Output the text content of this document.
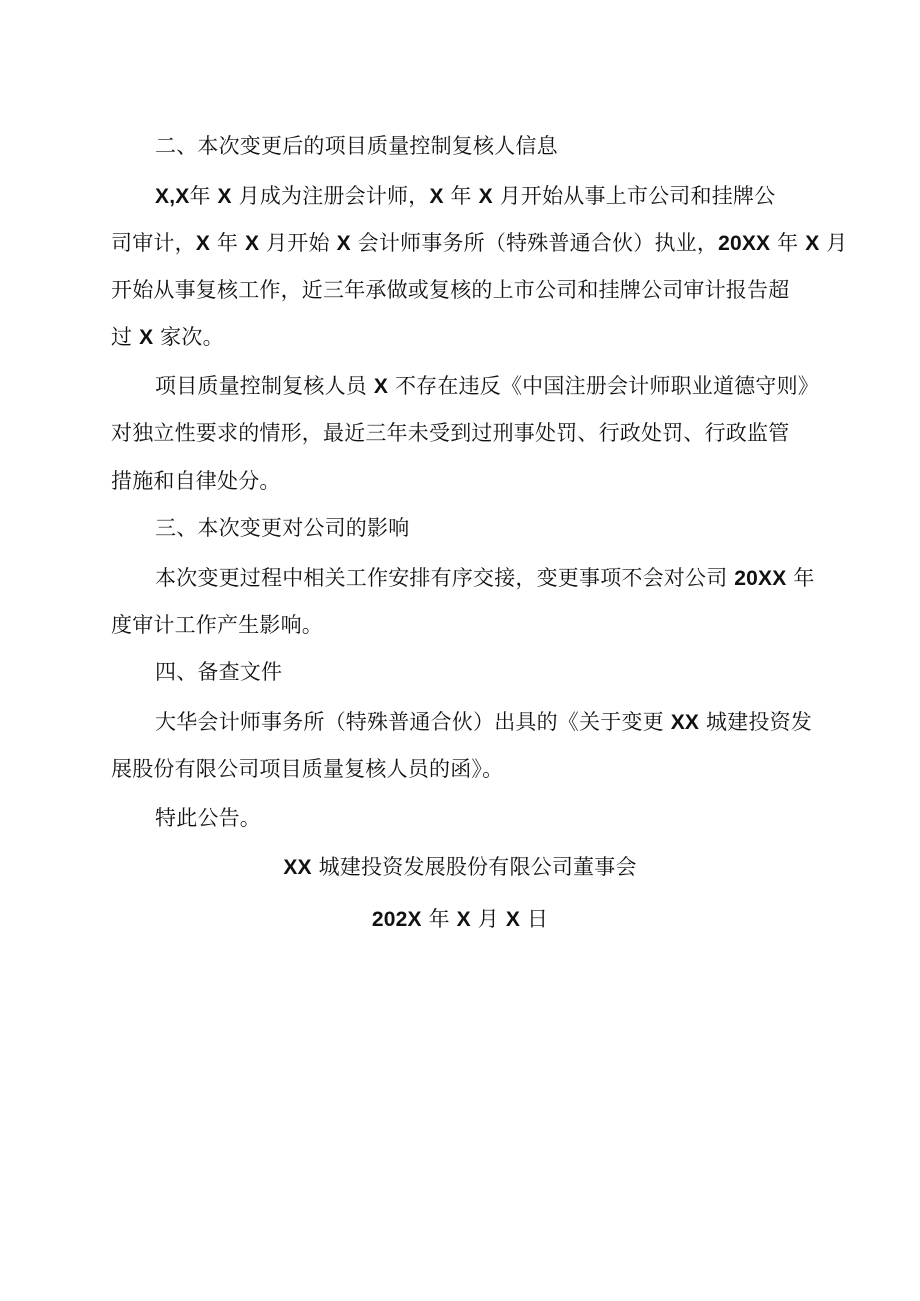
二、本次变更后的项目质量控制复核人信息

X,X年 X 月成为注册会计师，X 年 X 月开始从事上市公司和挂牌公

司审计，X 年 X 月开始 X 会计师事务所（特殊普通合伙）执业，20XX 年 X 月

开始从事复核工作，近三年承做或复核的上市公司和挂牌公司审计报告超

过 X 家次。

项目质量控制复核人员 X 不存在违反《中国注册会计师职业道德守则》

对独立性要求的情形，最近三年未受到过刑事处罚、行政处罚、行政监管

措施和自律处分。

三、本次变更对公司的影响

本次变更过程中相关工作安排有序交接，变更事项不会对公司 20XX 年

度审计工作产生影响。

四、备查文件

大华会计师事务所（特殊普通合伙）出具的《关于变更 XX 城建投资发

展股份有限公司项目质量复核人员的函》。

特此公告。

XX 城建投资发展股份有限公司董事会

202X 年 X 月 X 日
